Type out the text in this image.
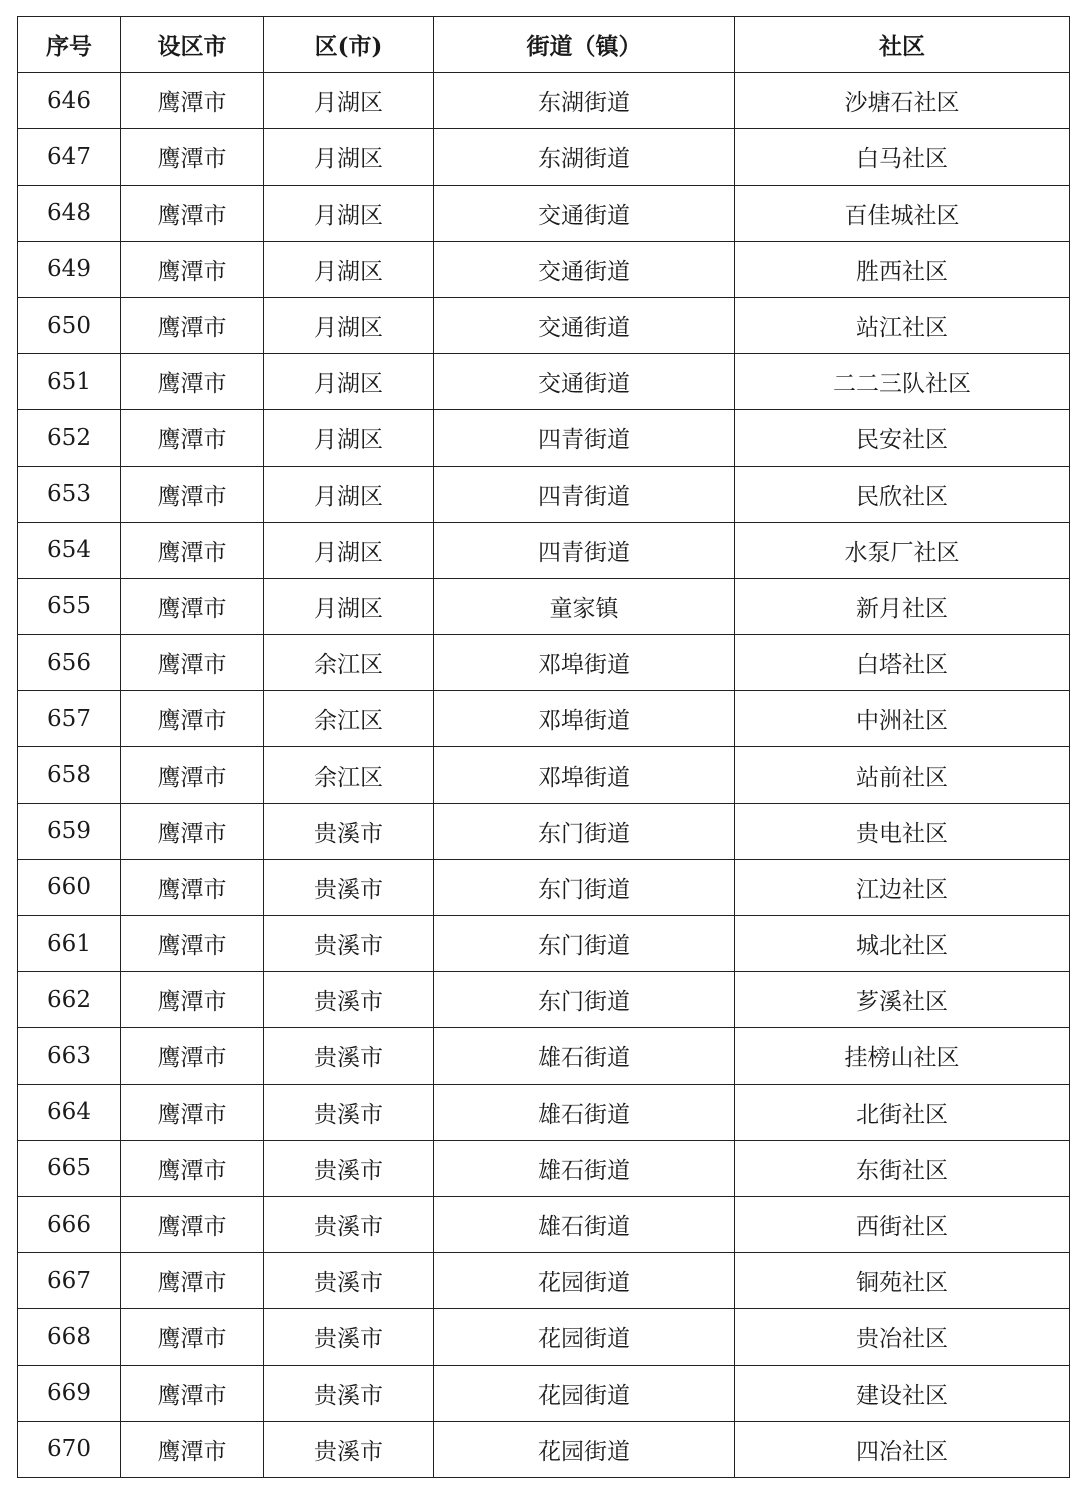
序号	设区市	区(市)	街道（镇）	社区
646	鹰潭市	月湖区	东湖街道	沙塘石社区
647	鹰潭市	月湖区	东湖街道	白马社区
648	鹰潭市	月湖区	交通街道	百佳城社区
649	鹰潭市	月湖区	交通街道	胜西社区
650	鹰潭市	月湖区	交通街道	站江社区
651	鹰潭市	月湖区	交通街道	二二三队社区
652	鹰潭市	月湖区	四青街道	民安社区
653	鹰潭市	月湖区	四青街道	民欣社区
654	鹰潭市	月湖区	四青街道	水泵厂社区
655	鹰潭市	月湖区	童家镇	新月社区
656	鹰潭市	余江区	邓埠街道	白塔社区
657	鹰潭市	余江区	邓埠街道	中洲社区
658	鹰潭市	余江区	邓埠街道	站前社区
659	鹰潭市	贵溪市	东门街道	贵电社区
660	鹰潭市	贵溪市	东门街道	江边社区
661	鹰潭市	贵溪市	东门街道	城北社区
662	鹰潭市	贵溪市	东门街道	芗溪社区
663	鹰潭市	贵溪市	雄石街道	挂榜山社区
664	鹰潭市	贵溪市	雄石街道	北街社区
665	鹰潭市	贵溪市	雄石街道	东街社区
666	鹰潭市	贵溪市	雄石街道	西街社区
667	鹰潭市	贵溪市	花园街道	铜苑社区
668	鹰潭市	贵溪市	花园街道	贵冶社区
669	鹰潭市	贵溪市	花园街道	建设社区
670	鹰潭市	贵溪市	花园街道	四冶社区
